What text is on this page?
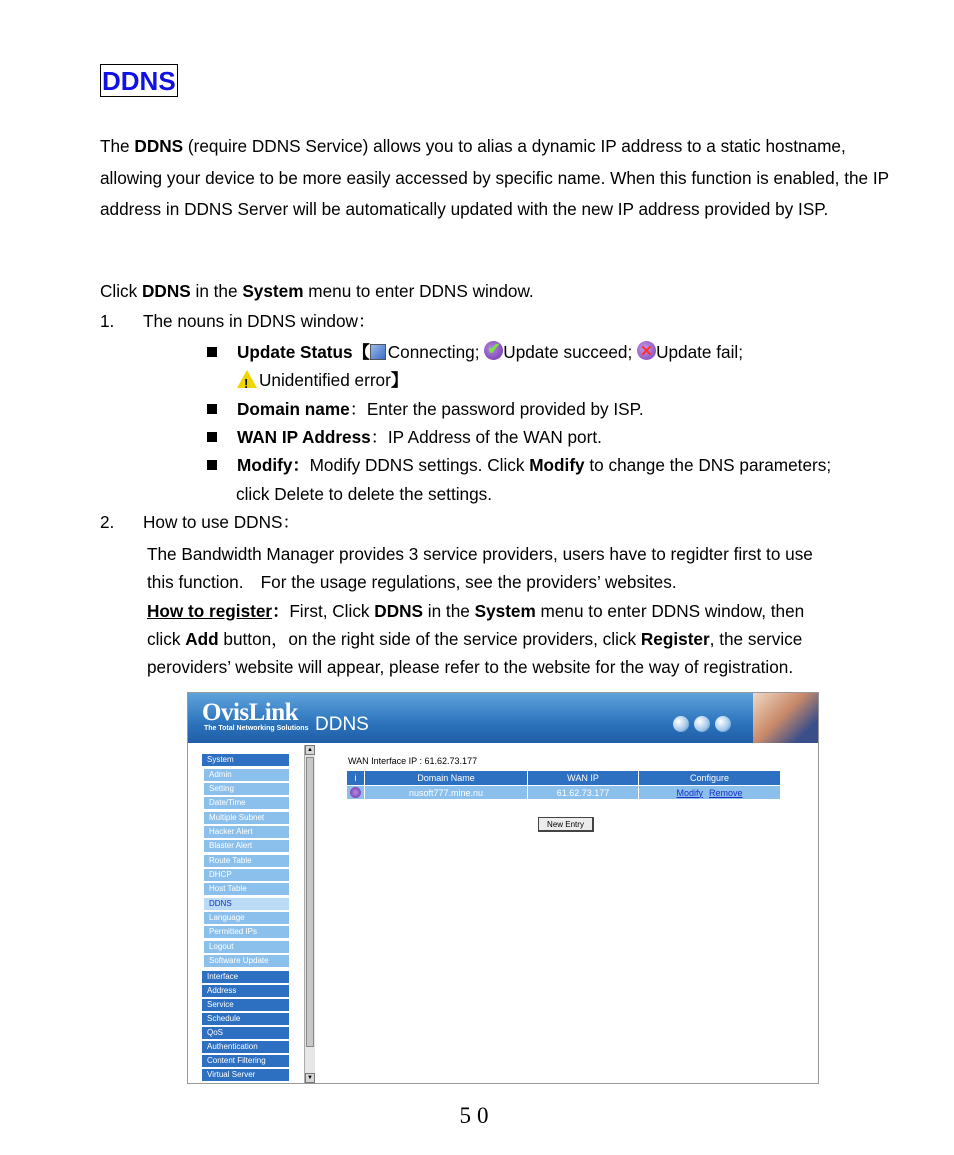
DDNS
The DDNS (require DDNS Service) allows you to alias a dynamic IP address to a static hostname, allowing your device to be more easily accessed by specific name. When this function is enabled, the IP address in DDNS Server will be automatically updated with the new IP address provided by ISP.
Click DDNS in the System menu to enter DDNS window.
1. The nouns in DDNS window：
Update Status【 Connecting; ✔ Update succeed; ✕ Update fail;
!Unidentified error】
Domain name：Enter the password provided by ISP.
WAN IP Address：IP Address of the WAN port.
Modify：Modify DDNS settings. Click Modify to change the DNS parameters;
click Delete to delete the settings.
2. How to use DDNS：
The Bandwidth Manager provides 3 service providers, users have to regidter first to use
this function.　For the usage regulations, see the providers’ websites.
How to register：First, Click DDNS in the System menu to enter DDNS window, then
click Add button，on the right side of the service providers, click Register, the service
peroviders’ website will appear, please refer to the website for the way of registration.
OvisLink
The Total Networking Solutions DDNS
System
Admin
Setting
Date/Time
Multiple Subnet
Hacker Alert
Blaster Alert
Route Table
DHCP
Host Table
DDNS
Language
Permitted IPs
Logout
Software Update
Interface
Address
Service
Schedule
QoS
Authentication
Content Filtering
Virtual Server
▲
▼
WAN Interface IP : 61.62.73.177
i	Domain Name	WAN IP	Configure
	nusoft777.mine.nu	61.62.73.177	Modify Remove
New Entry
50
